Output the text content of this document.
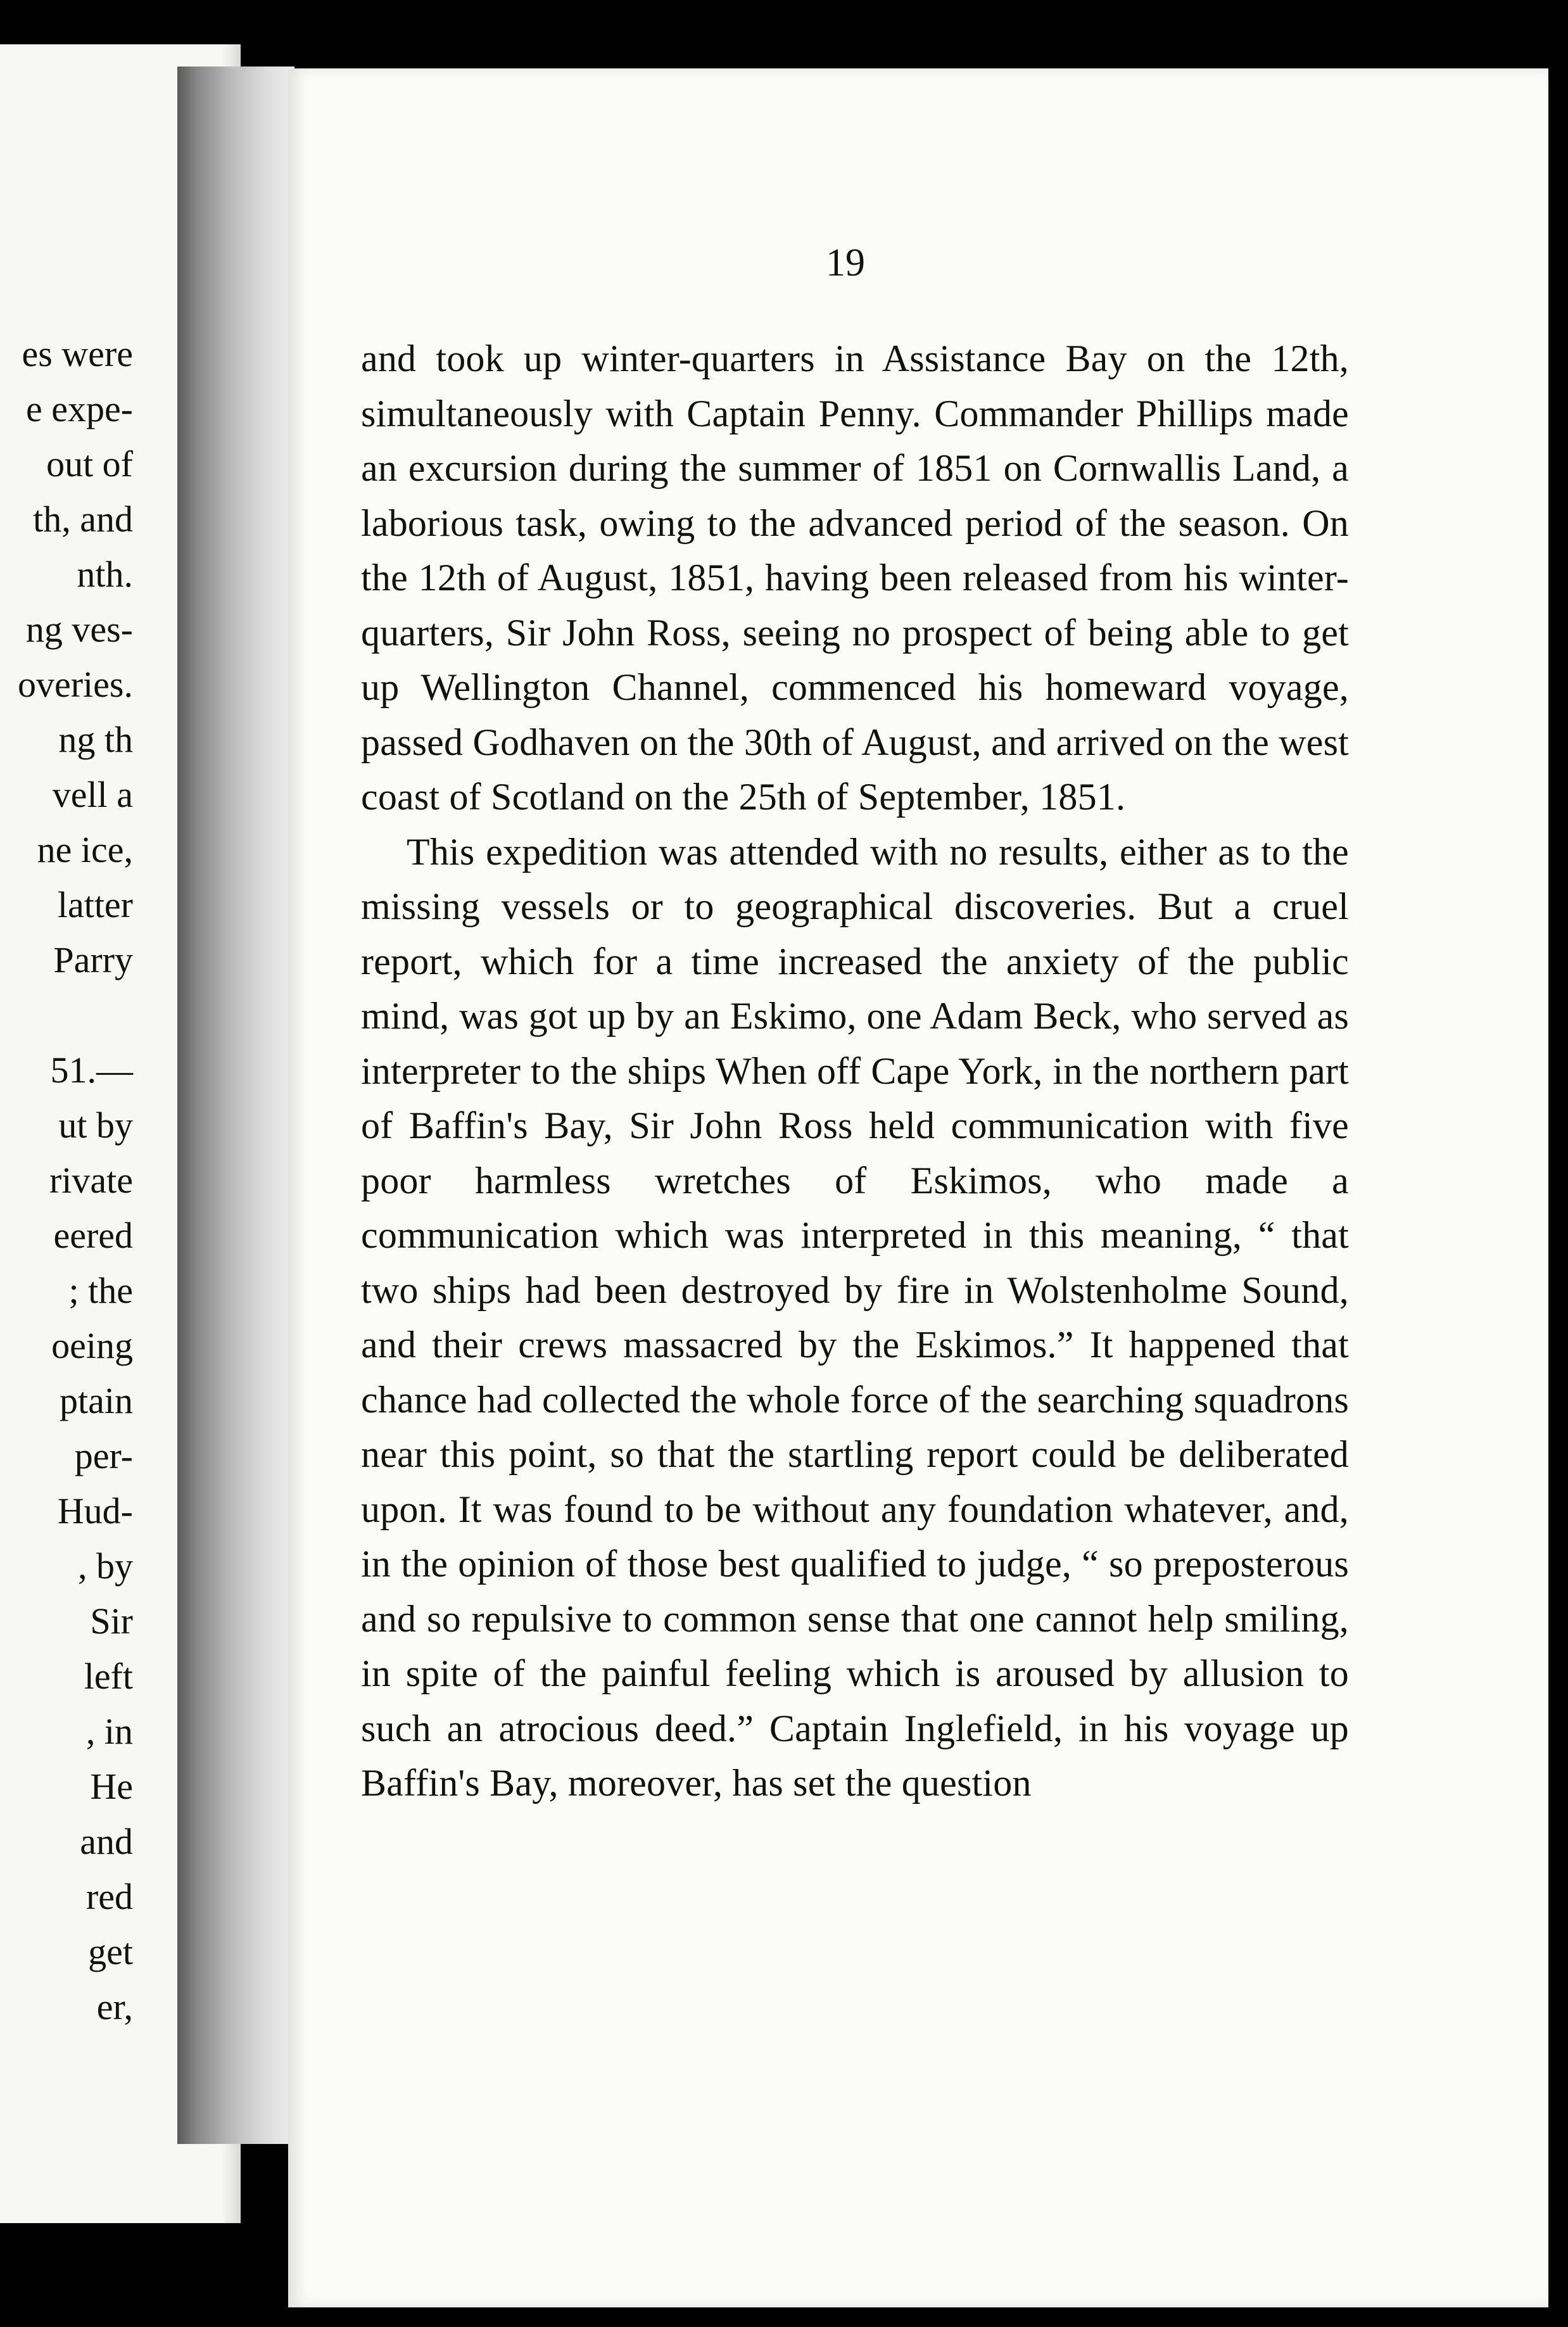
es were
e expe-
out of
th, and
nth.
ng ves-
overies.
ng th
vell a
ne ice,
latter
Parry
51.—
ut by
rivate
eered
; the
oeing
ptain
per-
Hud-
, by
Sir
left
, in
He
and
red
get
er,
19

and took up winter-quarters in Assistance Bay on the 12th, simultaneously with Captain Penny. Commander Phillips made an excursion during the summer of 1851 on Cornwallis Land, a laborious task, owing to the advanced period of the season. On the 12th of August, 1851, having been released from his winter-quarters, Sir John Ross, seeing no prospect of being able to get up Wellington Channel, commenced his homeward voyage, passed Godhaven on the 30th of August, and arrived on the west coast of Scotland on the 25th of September, 1851.

This expedition was attended with no results, either as to the missing vessels or to geographical discoveries. But a cruel report, which for a time increased the anxiety of the public mind, was got up by an Eskimo, one Adam Beck, who served as interpreter to the ships When off Cape York, in the northern part of Baffin's Bay, Sir John Ross held communication with five poor harmless wretches of Eskimos, who made a communication which was interpreted in this meaning, “ that two ships had been destroyed by fire in Wolstenholme Sound, and their crews massacred by the Eskimos.” It happened that chance had collected the whole force of the searching squadrons near this point, so that the startling report could be deliberated upon. It was found to be without any foundation whatever, and, in the opinion of those best qualified to judge, “ so preposterous and so repulsive to common sense that one cannot help smiling, in spite of the painful feeling which is aroused by allusion to such an atrocious deed.” Captain Inglefield, in his voyage up Baffin's Bay, moreover, has set the question
